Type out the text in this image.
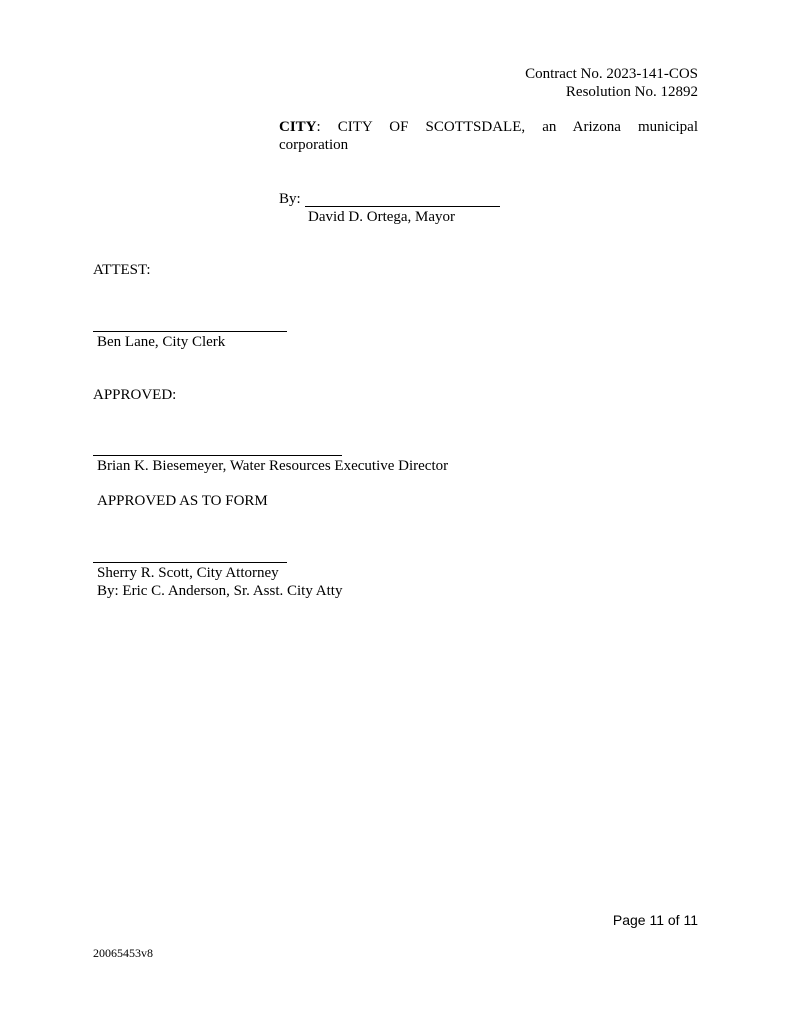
Contract No. 2023-141-COS
Resolution No. 12892
CITY : CITY OF SCOTTSDALE, an Arizona municipal
corporation
By:
David D. Ortega, Mayor
ATTEST:
Ben Lane, City Clerk
APPROVED:
Brian K. Biesemeyer, Water Resources Executive Director
APPROVED AS TO FORM
Sherry R. Scott, City Attorney
By: Eric C. Anderson, Sr. Asst. City Atty
Page 11 of 11
20065453v8
